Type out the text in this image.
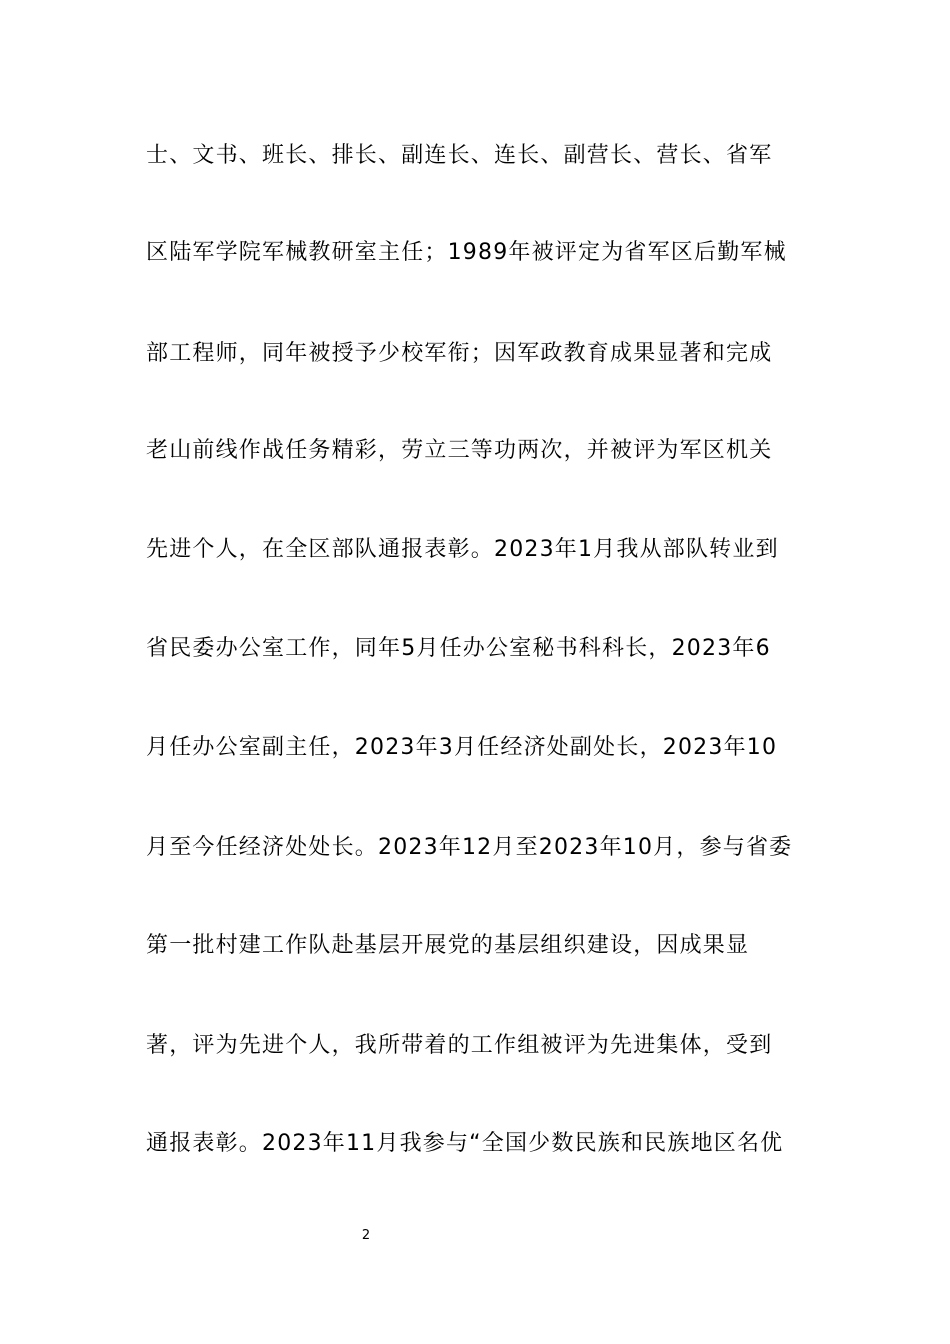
士、文书、班长、排长、副连长、连长、副营长、营长、省军
区陆军学院军械教研室主任；1989年被评定为省军区后勤军械
部工程师，同年被授予少校军衔；因军政教育成果显著和完成
老山前线作战任务精彩，劳立三等功两次，并被评为军区机关
先进个人，在全区部队通报表彰。2023年1月我从部队转业到
省民委办公室工作，同年5月任办公室秘书科科长，2023年6
月任办公室副主任，2023年3月任经济处副处长，2023年10
月至今任经济处处长。2023年12月至2023年10月，参与省委
第一批村建工作队赴基层开展党的基层组织建设，因成果显
著，评为先进个人，我所带着的工作组被评为先进集体，受到
通报表彰。2023年11月我参与“全国少数民族和民族地区名优
2
